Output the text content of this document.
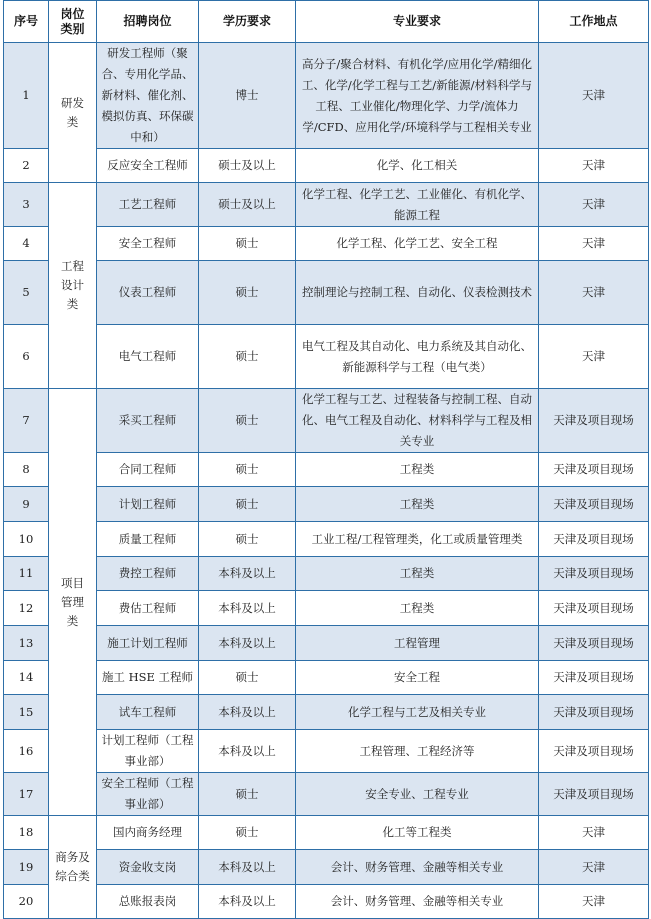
序号	岗位类别	招聘岗位	学历要求	专业要求	工作地点
1	研发类	研发工程师（聚合、专用化学品、新材料、催化剂、模拟仿真、环保碳中和）	博士	高分子/聚合材料、有机化学/应用化学/精细化工、化学/化学工程与工艺/新能源/材料科学与工程、工业催化/物理化学、力学/流体力学/CFD、应用化学/环境科学与工程相关专业	天津
2		反应安全工程师	硕士及以上	化学、化工相关	天津
3	工程设计类	工艺工程师	硕士及以上	化学工程、化学工艺、工业催化、有机化学、能源工程	天津
4		安全工程师	硕士	化学工程、化学工艺、安全工程	天津
5		仪表工程师	硕士	控制理论与控制工程、自动化、仪表检测技术	天津
6		电气工程师	硕士	电气工程及其自动化、电力系统及其自动化、新能源科学与工程（电气类）	天津
7	项目管理类	采买工程师	硕士	化学工程与工艺、过程装备与控制工程、自动化、电气工程及自动化、材料科学与工程及相关专业	天津及项目现场
8		合同工程师	硕士	工程类	天津及项目现场
9		计划工程师	硕士	工程类	天津及项目现场
10		质量工程师	硕士	工业工程/工程管理类，化工或质量管理类	天津及项目现场
11		费控工程师	本科及以上	工程类	天津及项目现场
12		费估工程师	本科及以上	工程类	天津及项目现场
13		施工计划工程师	本科及以上	工程管理	天津及项目现场
14		施工 HSE 工程师	硕士	安全工程	天津及项目现场
15		试车工程师	本科及以上	化学工程与工艺及相关专业	天津及项目现场
16		计划工程师（工程事业部）	本科及以上	工程管理、工程经济等	天津及项目现场
17		安全工程师（工程事业部）	硕士	安全专业、工程专业	天津及项目现场
18	商务及综合类	国内商务经理	硕士	化工等工程类	天津
19		资金收支岗	本科及以上	会计、财务管理、金融等相关专业	天津
20		总账报表岗	本科及以上	会计、财务管理、金融等相关专业	天津
